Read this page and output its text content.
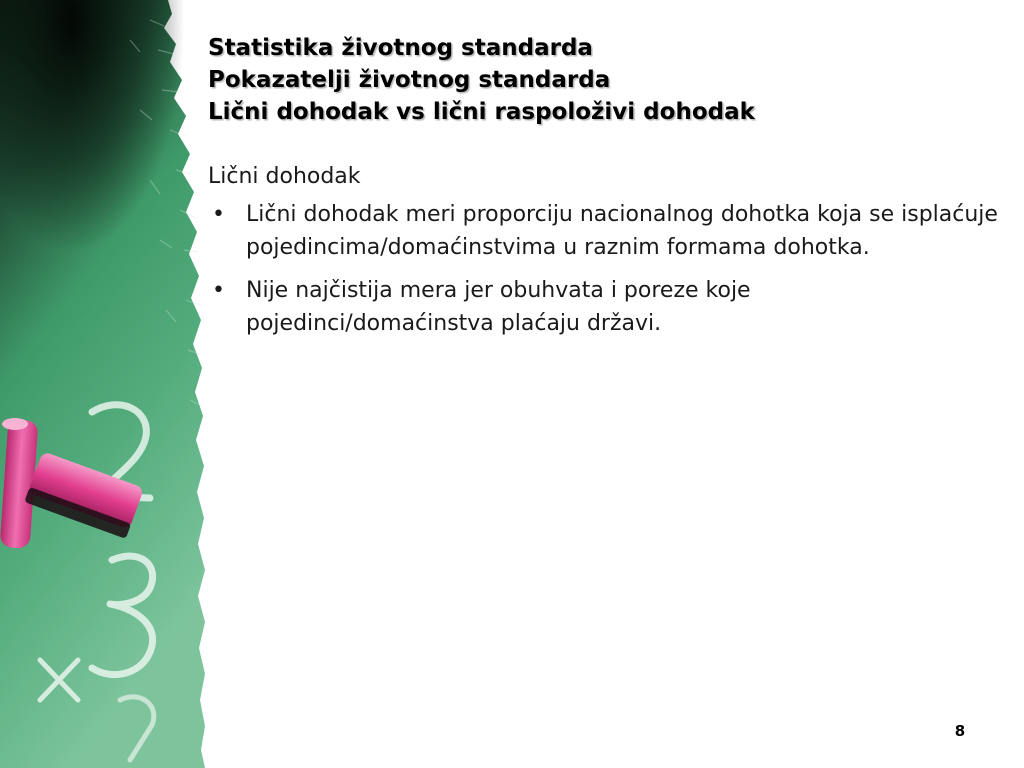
Statistika životnog standarda
Pokazatelji životnog standarda
Lični dohodak vs lični raspoloživi dohodak
Lični dohodak
• Lični dohodak meri proporciju nacionalnog dohotka koja se isplaćuje pojedincima/domaćinstvima u raznim formama dohotka.
• Nije najčistija mera jer obuhvata i poreze koje pojedinci/domaćinstva plaćaju državi.
8
